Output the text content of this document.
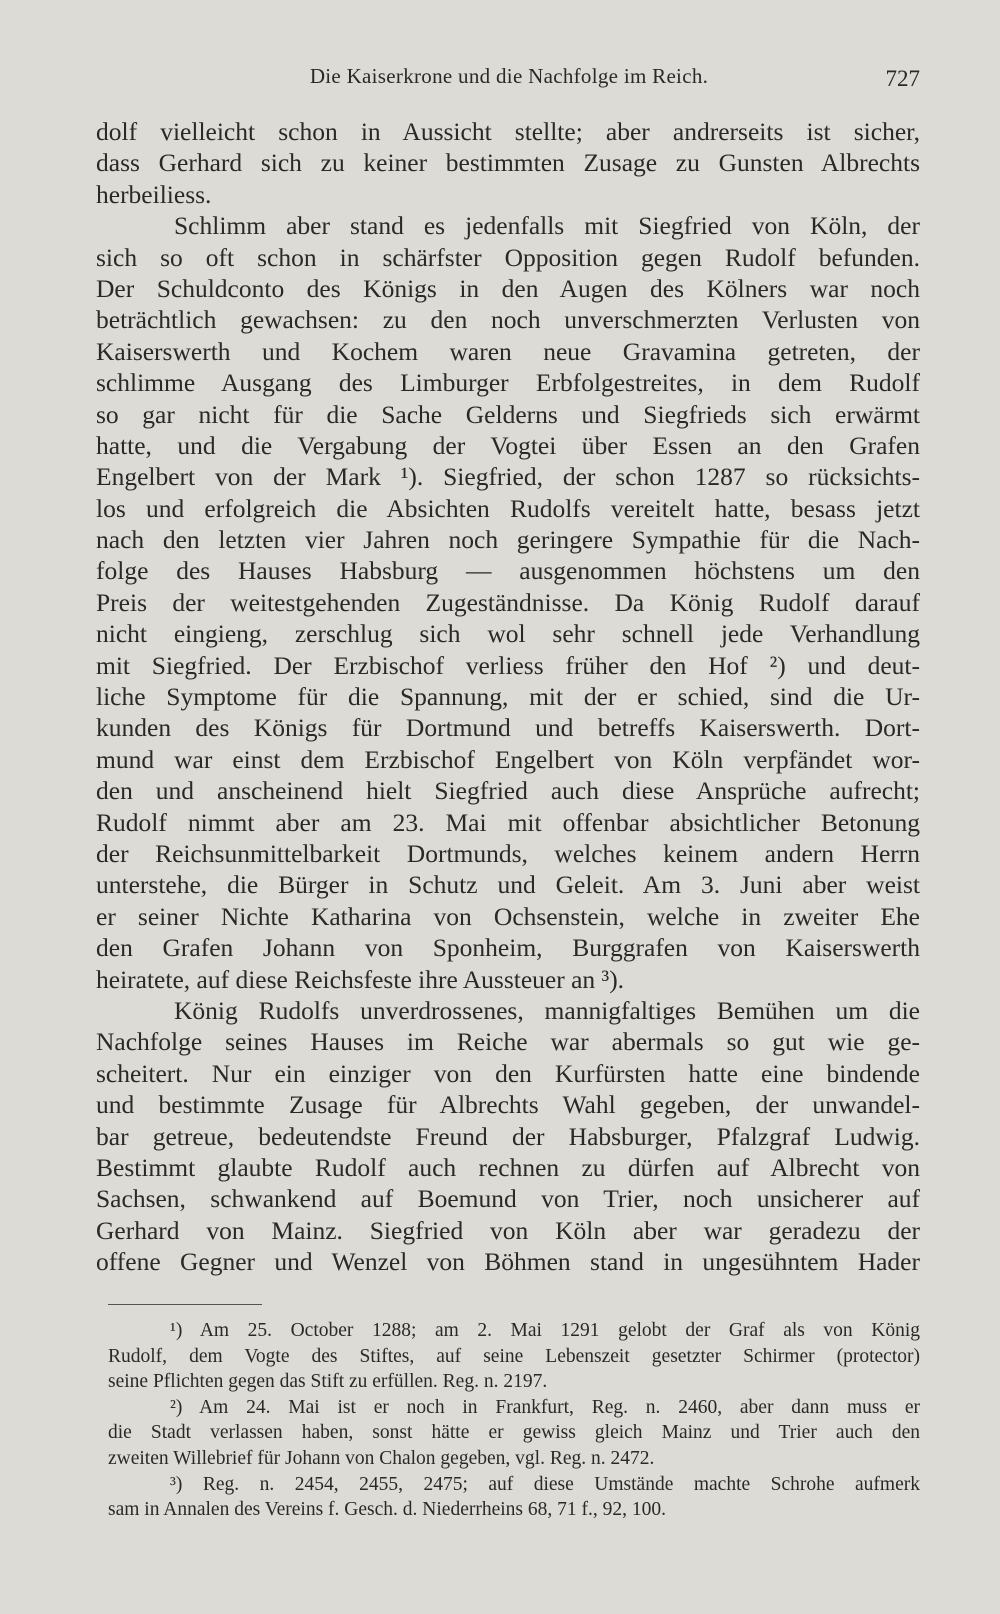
Die Kaiserkrone und die Nachfolge im Reich.	727
dolf vielleicht schon in Aussicht stellte; aber andrerseits ist sicher,
dass Gerhard sich zu keiner bestimmten Zusage zu Gunsten Albrechts
herbeiliess.
Schlimm aber stand es jedenfalls mit Siegfried von Köln, der
sich so oft schon in schärfster Opposition gegen Rudolf befunden.
Der Schuldconto des Königs in den Augen des Kölners war noch
beträchtlich gewachsen: zu den noch unverschmerzten Verlusten von
Kaiserswerth und Kochem waren neue Gravamina getreten, der
schlimme Ausgang des Limburger Erbfolgestreites, in dem Rudolf
so gar nicht für die Sache Gelderns und Siegfrieds sich erwärmt
hatte, und die Vergabung der Vogtei über Essen an den Grafen
Engelbert von der Mark ¹). Siegfried, der schon 1287 so rücksichts-
los und erfolgreich die Absichten Rudolfs vereitelt hatte, besass jetzt
nach den letzten vier Jahren noch geringere Sympathie für die Nach-
folge des Hauses Habsburg — ausgenommen höchstens um den
Preis der weitestgehenden Zugeständnisse. Da König Rudolf darauf
nicht eingieng, zerschlug sich wol sehr schnell jede Verhandlung
mit Siegfried. Der Erzbischof verliess früher den Hof ²) und deut-
liche Symptome für die Spannung, mit der er schied, sind die Ur-
kunden des Königs für Dortmund und betreffs Kaiserswerth. Dort-
mund war einst dem Erzbischof Engelbert von Köln verpfändet wor-
den und anscheinend hielt Siegfried auch diese Ansprüche aufrecht;
Rudolf nimmt aber am 23. Mai mit offenbar absichtlicher Betonung
der Reichsunmittelbarkeit Dortmunds, welches keinem andern Herrn
unterstehe, die Bürger in Schutz und Geleit. Am 3. Juni aber weist
er seiner Nichte Katharina von Ochsenstein, welche in zweiter Ehe
den Grafen Johann von Sponheim, Burggrafen von Kaiserswerth
heiratete, auf diese Reichsfeste ihre Aussteuer an ³).
König Rudolfs unverdrossenes, mannigfaltiges Bemühen um die
Nachfolge seines Hauses im Reiche war abermals so gut wie ge-
scheitert. Nur ein einziger von den Kurfürsten hatte eine bindende
und bestimmte Zusage für Albrechts Wahl gegeben, der unwandel-
bar getreue, bedeutendste Freund der Habsburger, Pfalzgraf Ludwig.
Bestimmt glaubte Rudolf auch rechnen zu dürfen auf Albrecht von
Sachsen, schwankend auf Boemund von Trier, noch unsicherer auf
Gerhard von Mainz. Siegfried von Köln aber war geradezu der
offene Gegner und Wenzel von Böhmen stand in ungesühntem Hader
¹) Am 25. October 1288; am 2. Mai 1291 gelobt der Graf als von König
Rudolf, dem Vogte des Stiftes, auf seine Lebenszeit gesetzter Schirmer (protector)
seine Pflichten gegen das Stift zu erfüllen. Reg. n. 2197.
²) Am 24. Mai ist er noch in Frankfurt, Reg. n. 2460, aber dann muss er
die Stadt verlassen haben, sonst hätte er gewiss gleich Mainz und Trier auch den
zweiten Willebrief für Johann von Chalon gegeben, vgl. Reg. n. 2472.
³) Reg. n. 2454, 2455, 2475; auf diese Umstände machte Schrohe aufmerk
sam in Annalen des Vereins f. Gesch. d. Niederrheins 68, 71 f., 92, 100.
